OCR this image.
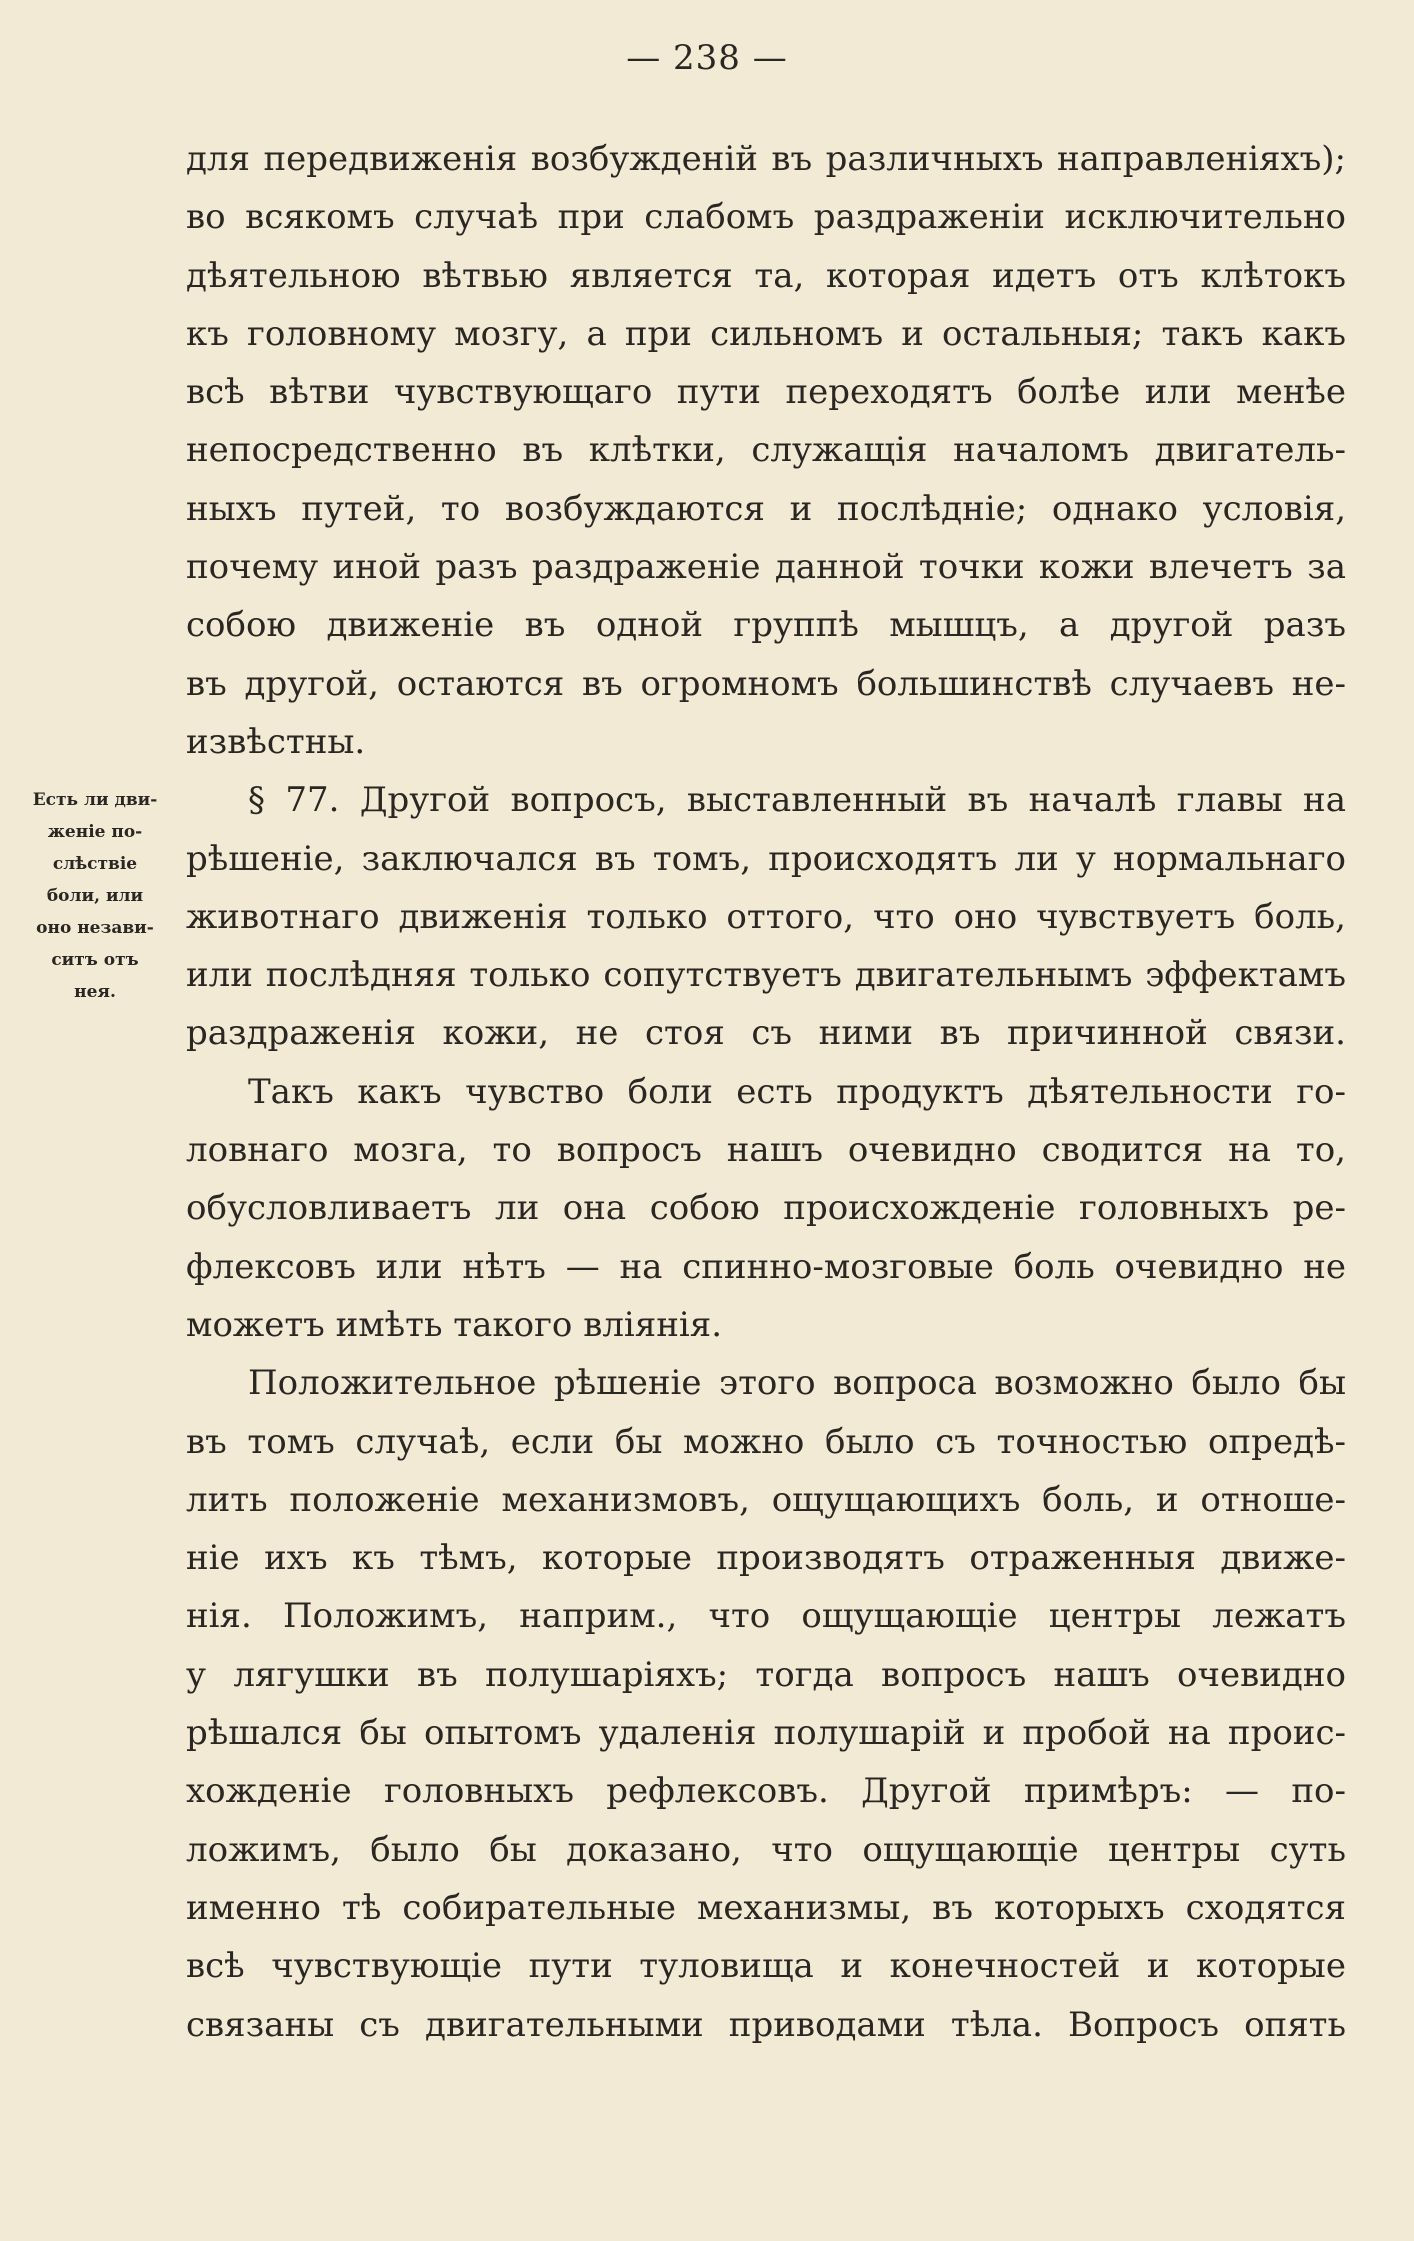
— 238 —
Есть ли дви-
женіе по-
слѣствіе
боли, или
оно незави-
ситъ отъ
нея.
для передвиженія возбужденій въ различныхъ направленіяхъ);
во всякомъ случаѣ при слабомъ раздраженіи исключительно
дѣятельною вѣтвью является та, которая идетъ отъ клѣтокъ
къ головному мозгу, а при сильномъ и остальныя; такъ какъ
всѣ вѣтви чувствующаго пути переходятъ болѣе или менѣе
непосредственно въ клѣтки, служащія началомъ двигатель-
ныхъ путей, то возбуждаются и послѣдніе; однако условія,
почему иной разъ раздраженіе данной точки кожи влечетъ за
собою движеніе въ одной группѣ мышцъ, а другой разъ
въ другой, остаются въ огромномъ большинствѣ случаевъ не-
извѣстны.
§ 77. Другой вопросъ, выставленный въ началѣ главы на
рѣшеніе, заключался въ томъ, происходятъ ли у нормальнаго
животнаго движенія только оттого, что оно чувствуетъ боль,
или послѣдняя только сопутствуетъ двигательнымъ эффектамъ
раздраженія кожи, не стоя съ ними въ причинной связи.
Такъ какъ чувство боли есть продуктъ дѣятельности го-
ловнаго мозга, то вопросъ нашъ очевидно сводится на то,
обусловливаетъ ли она собою происхожденіе головныхъ ре-
флексовъ или нѣтъ — на спинно-мозговые боль очевидно не
можетъ имѣть такого вліянія.
Положительное рѣшеніе этого вопроса возможно было бы
въ томъ случаѣ, если бы можно было съ точностью опредѣ-
лить положеніе механизмовъ, ощущающихъ боль, и отноше-
ніе ихъ къ тѣмъ, которые производятъ отраженныя движе-
нія. Положимъ, наприм., что ощущающіе центры лежатъ
у лягушки въ полушаріяхъ; тогда вопросъ нашъ очевидно
рѣшался бы опытомъ удаленія полушарій и пробой на проис-
хожденіе головныхъ рефлексовъ. Другой примѣръ: — по-
ложимъ, было бы доказано, что ощущающіе центры суть
именно тѣ собирательные механизмы, въ которыхъ сходятся
всѣ чувствующіе пути туловища и конечностей и которые
связаны съ двигательными приводами тѣла. Вопросъ опять
